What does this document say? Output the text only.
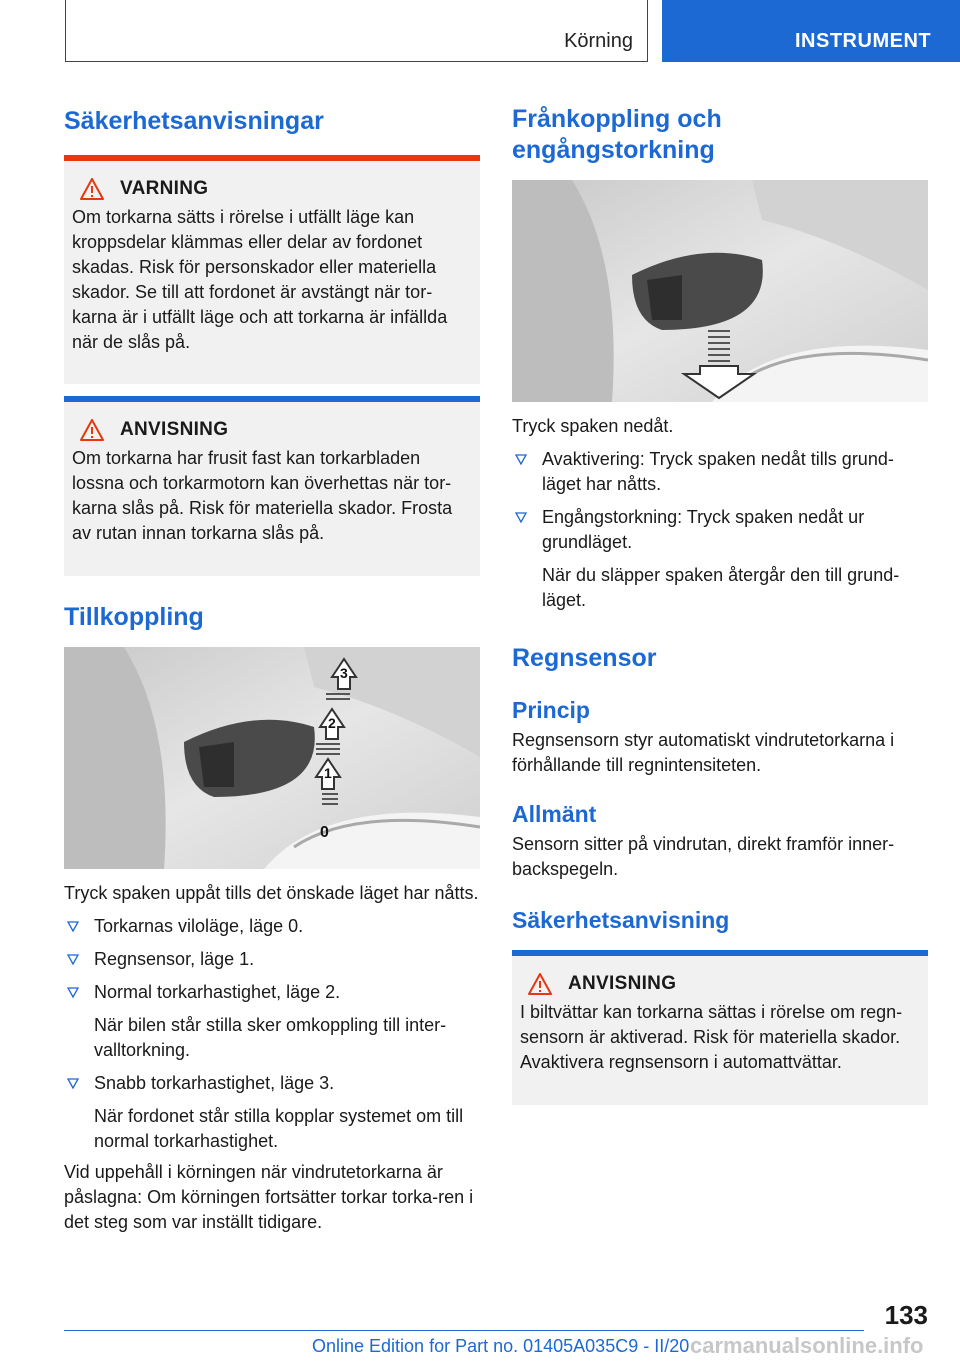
Körning	INSTRUMENT
Säkerhetsanvisningar
VARNING

Om torkarna sätts i rörelse i utfällt läge kan kroppsdelar klämmas eller delar av fordonet skadas. Risk för personskador eller materiella skador. Se till att fordonet är avstängt när tor-karna är i utfällt läge och att torkarna är infällda när de slås på.

ANVISNING

Om torkarna har frusit fast kan torkarbladen lossna och torkarmotorn kan överhettas när tor-karna slås på. Risk för materiella skador. Frosta av rutan innan torkarna slås på.

Tillkoppling
3
2
1
0

Tryck spaken uppåt tills det önskade läget har nåtts.

Torkarnas viloläge, läge 0.
Regnsensor, läge 1.
Normal torkarhastighet, läge 2.
När bilen står stilla sker omkoppling till inter-valltorkning.
Snabb torkarhastighet, läge 3.
När fordonet står stilla kopplar systemet om till normal torkarhastighet.

Vid uppehåll i körningen när vindrutetorkarna är påslagna: Om körningen fortsätter torkar torka-ren i det steg som var inställt tidigare.

Frånkoppling och engångstorkning

Tryck spaken nedåt.

Avaktivering: Tryck spaken nedåt tills grund-läget har nåtts.
Engångstorkning: Tryck spaken nedåt ur grundläget.
När du släpper spaken återgår den till grund-läget.
Regnsensor
Princip

Regnsensorn styr automatiskt vindrutetorkarna i förhållande till regnintensiteten.

Allmänt

Sensorn sitter på vindrutan, direkt framför inner-backspegeln.

Säkerhetsanvisning
ANVISNING

I biltvättar kan torkarna sättas i rörelse om regn-sensorn är aktiverad. Risk för materiella skador. Avaktivera regnsensorn i automattvättar.

133
Online Edition for Part no. 01405A035C9 - II/20 carmanualsonline.info
